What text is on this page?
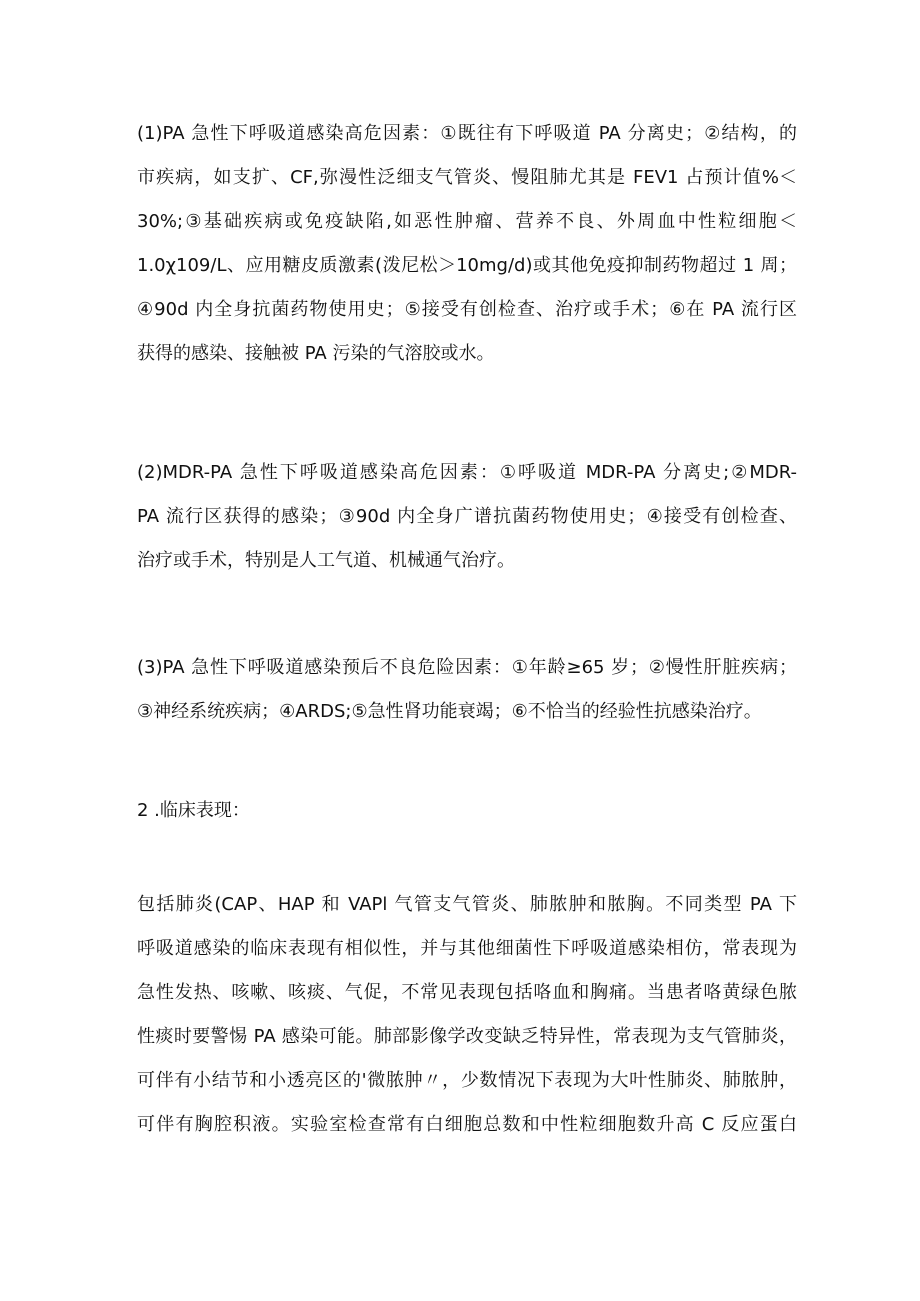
(1)PA 急性下呼吸道感染高危因素：①既往有下呼吸道 PA 分离史；②结构，的
市疾病，如支扩、CF,弥漫性泛细支气管炎、慢阻肺尤其是 FEV1 占预计值%＜
30%;③基础疾病或免疫缺陷,如恶性肿瘤、营养不良、外周血中性粒细胞＜
1.0χ109/L、应用糖皮质激素(泼尼松＞10mg/d)或其他免疫抑制药物超过 1 周；
④90d 内全身抗菌药物使用史；⑤接受有创检查、治疗或手术；⑥在 PA 流行区
获得的感染、接触被 PA 污染的气溶胶或水。
(2)MDR-PA 急性下呼吸道感染高危因素：①呼吸道 MDR-PA 分离史;②MDR-
PA 流行区获得的感染；③90d 内全身广谱抗菌药物使用史；④接受有创检查、
治疗或手术，特别是人工气道、机械通气治疗。
(3)PA 急性下呼吸道感染预后不良危险因素：①年龄≥65 岁；②慢性肝脏疾病；
③神经系统疾病；④ARDS;⑤急性肾功能衰竭；⑥不恰当的经验性抗感染治疗。
2 .临床表现：
包括肺炎(CAP、HAP 和 VAPl 气管支气管炎、肺脓肿和脓胸。不同类型 PA 下
呼吸道感染的临床表现有相似性，并与其他细菌性下呼吸道感染相仿，常表现为
急性发热、咳嗽、咳痰、气促，不常见表现包括咯血和胸痛。当患者咯黄绿色脓
性痰时要警惕 PA 感染可能。肺部影像学改变缺乏特异性，常表现为支气管肺炎，
可伴有小结节和小透亮区的'微脓肿〃，少数情况下表现为大叶性肺炎、肺脓肿，
可伴有胸腔积液。实验室检查常有白细胞总数和中性粒细胞数升高 C 反应蛋白
